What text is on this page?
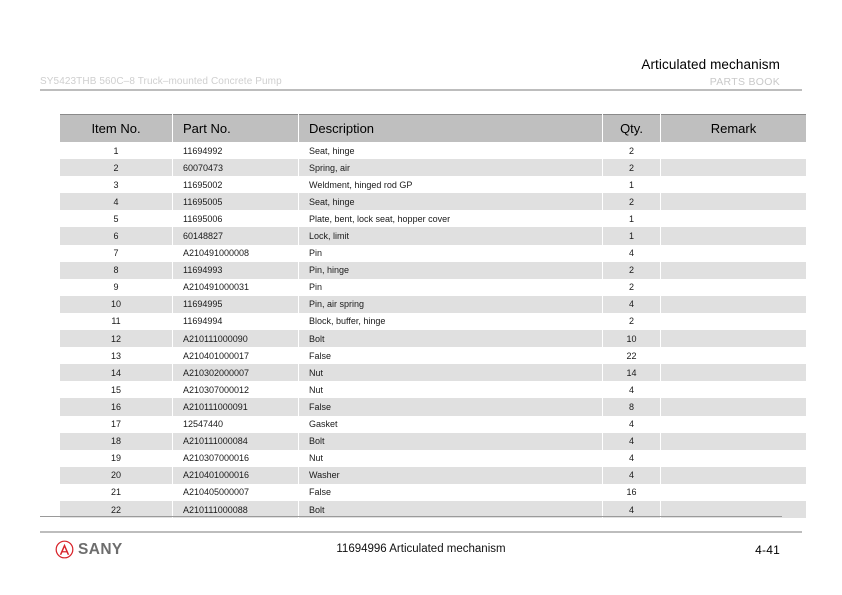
Articulated mechanism
PARTS BOOK
SY5423THB 560C–8 Truck–mounted Concrete Pump
Item No.	Part No.	Description	Qty.	Remark
1	11694992	Seat, hinge	2	
2	60070473	Spring, air	2	
3	11695002	Weldment, hinged rod GP	1	
4	11695005	Seat, hinge	2	
5	11695006	Plate, bent, lock seat, hopper cover	1	
6	60148827	Lock, limit	1	
7	A210491000008	Pin	4	
8	11694993	Pin, hinge	2	
9	A210491000031	Pin	2	
10	11694995	Pin, air spring	4	
11	11694994	Block, buffer, hinge	2	
12	A210111000090	Bolt	10	
13	A210401000017	False	22	
14	A210302000007	Nut	14	
15	A210307000012	Nut	4	
16	A210111000091	False	8	
17	12547440	Gasket	4	
18	A210111000084	Bolt	4	
19	A210307000016	Nut	4	
20	A210401000016	Washer	4	
21	A210405000007	False	16	
22	A210111000088	Bolt	4	
SANY	11694996 Articulated mechanism	4-41
